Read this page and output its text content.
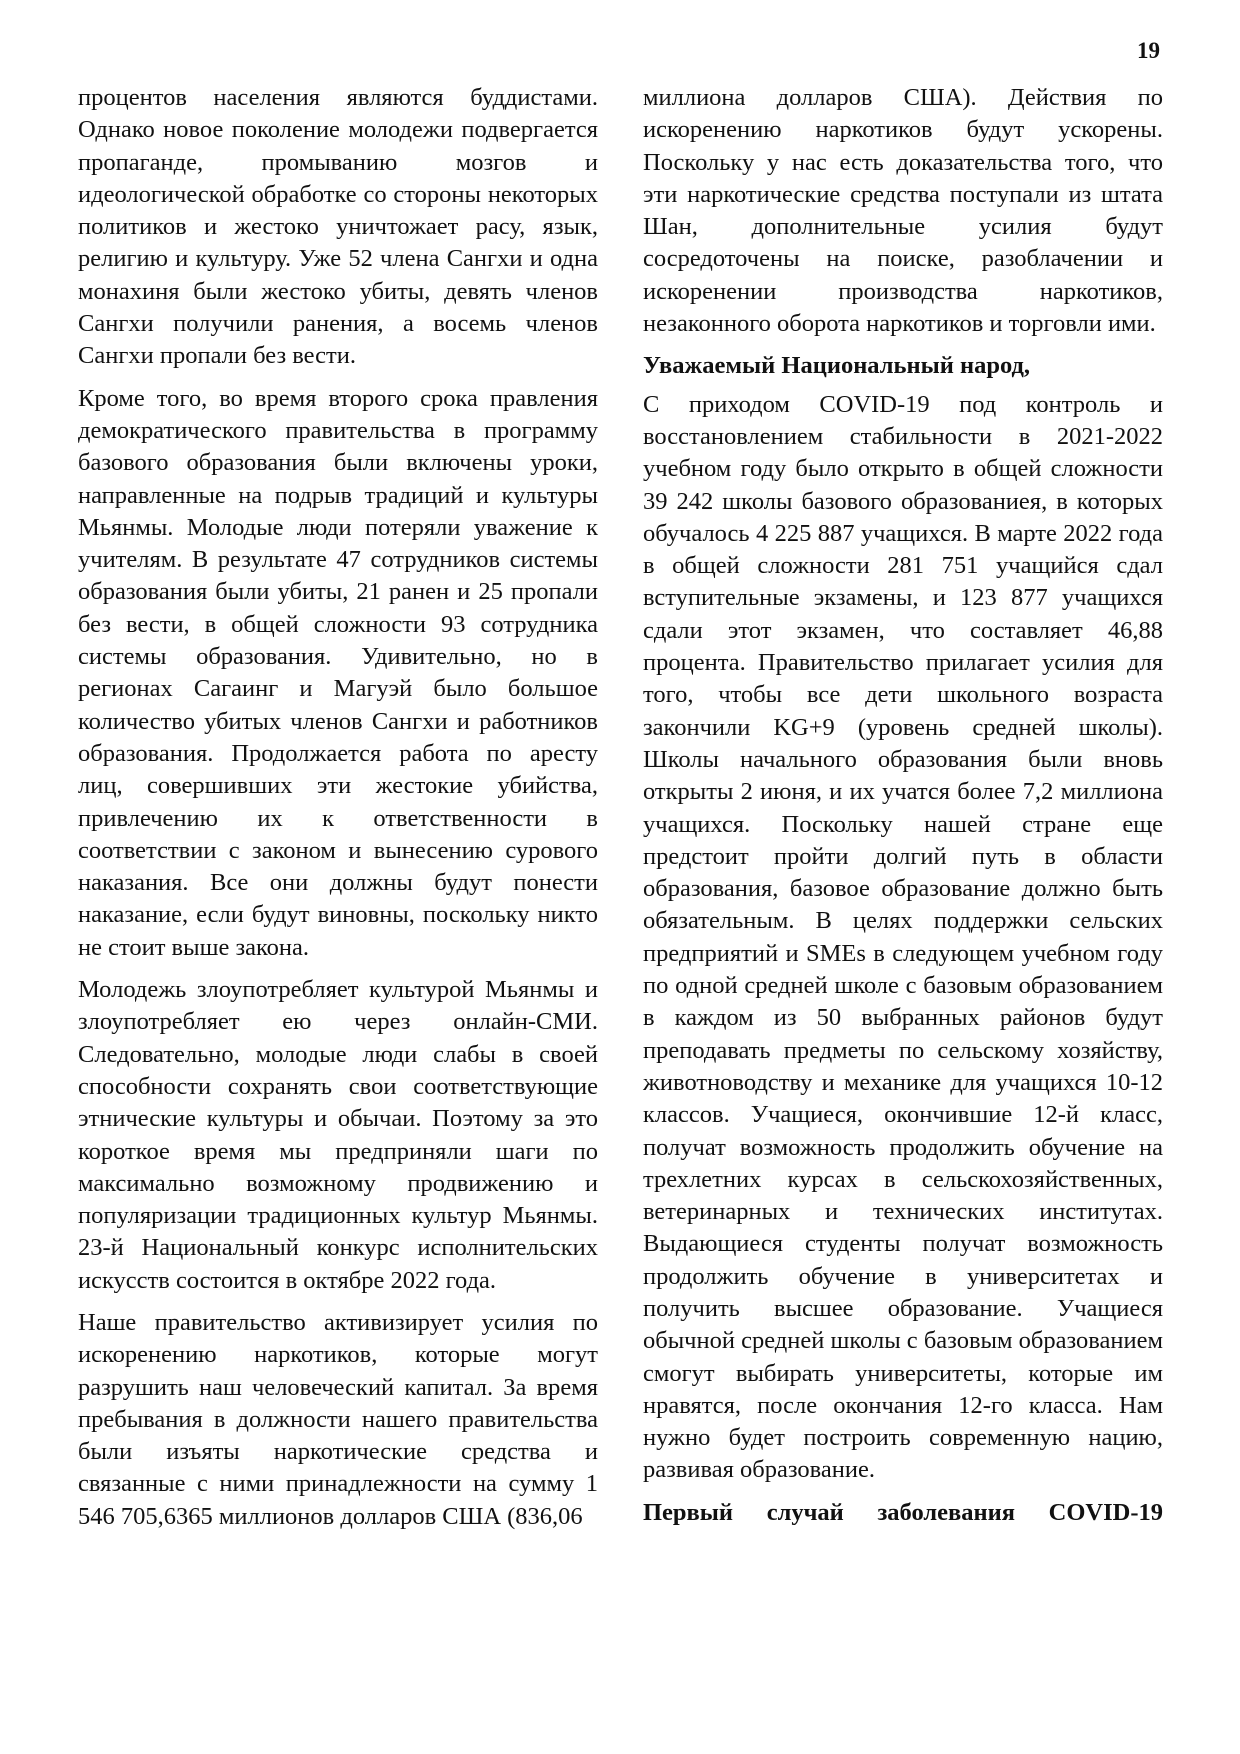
19

процентов населения являются буддистами. Однако новое поколение молодежи подвергается пропаганде, промыванию мозгов и идеологической обработке со стороны некоторых политиков и жестоко уничтожает расу, язык, религию и культуру. Уже 52 члена Сангхи и одна монахиня были жестоко убиты, девять членов Сангхи получили ранения, а восемь членов Сангхи пропали без вести.

Кроме того, во время второго срока правления демократического правительства в программу базового образования были включены уроки, направленные на подрыв традиций и культуры Мьянмы. Молодые люди потеряли уважение к учителям. В результате 47 сотрудников системы образования были убиты, 21 ранен и 25 пропали без вести, в общей сложности 93 сотрудника системы образования. Удивительно, но в регионах Сагаинг и Магуэй было большое количество убитых членов Сангхи и работников образования. Продолжается работа по аресту лиц, совершивших эти жестокие убийства, привлечению их к ответственности в соответствии с законом и вынесению сурового наказания. Все они должны будут понести наказание, если будут виновны, поскольку никто не стоит выше закона.

Молодежь злоупотребляет культурой Мьянмы и злоупотребляет ею через онлайн-СМИ. Следовательно, молодые люди слабы в своей способности сохранять свои соответствующие этнические культуры и обычаи. Поэтому за это короткое время мы предприняли шаги по максимально возможному продвижению и популяризации традиционных культур Мьянмы. 23-й Национальный конкурс исполнительских искусств состоится в октябре 2022 года.

Наше правительство активизирует усилия по искоренению наркотиков, которые могут разрушить наш человеческий капитал. За время пребывания в должности нашего правительства были изъяты наркотические средства и связанные с ними принадлежности на сумму 1 546 705,6365 миллионов долларов США (836,06

миллиона долларов США). Действия по искоренению наркотиков будут ускорены. Поскольку у нас есть доказательства того, что эти наркотические средства поступали из штата Шан, дополнительные усилия будут сосредоточены на поиске, разоблачении и искоренении производства наркотиков, незаконного оборота наркотиков и торговли ими.

Уважаемый Национальный народ,

С приходом COVID-19 под контроль и восстановлением стабильности в 2021-2022 учебном году было открыто в общей сложности 39 242 школы базового образованиея, в которых обучалось 4 225 887 учащихся. В марте 2022 года в общей сложности 281 751 учащийся сдал вступительные экзамены, и 123 877 учащихся сдали этот экзамен, что составляет 46,88 процента. Правительство прилагает усилия для того, чтобы все дети школьного возраста закончили KG+9 (уровень средней школы). Школы начального образования были вновь открыты 2 июня, и их учатся более 7,2 миллиона учащихся. Поскольку нашей стране еще предстоит пройти долгий путь в области образования, базовое образование должно быть обязательным. В целях поддержки сельских предприятий и SMEs в следующем учебном году по одной средней школе с базовым образованием в каждом из 50 выбранных районов будут преподавать предметы по сельскому хозяйству, животноводству и механике для учащихся 10-12 классов. Учащиеся, окончившие 12-й класс, получат возможность продолжить обучение на трехлетних курсах в сельскохозяйственных, ветеринарных и технических институтах. Выдающиеся студенты получат возможность продолжить обучение в университетах и получить высшее образование. Учащиеся обычной средней школы с базовым образованием смогут выбирать университеты, которые им нравятся, после окончания 12-го класса. Нам нужно будет построить современную нацию, развивая образование.

Первый случай заболевания COVID-19
